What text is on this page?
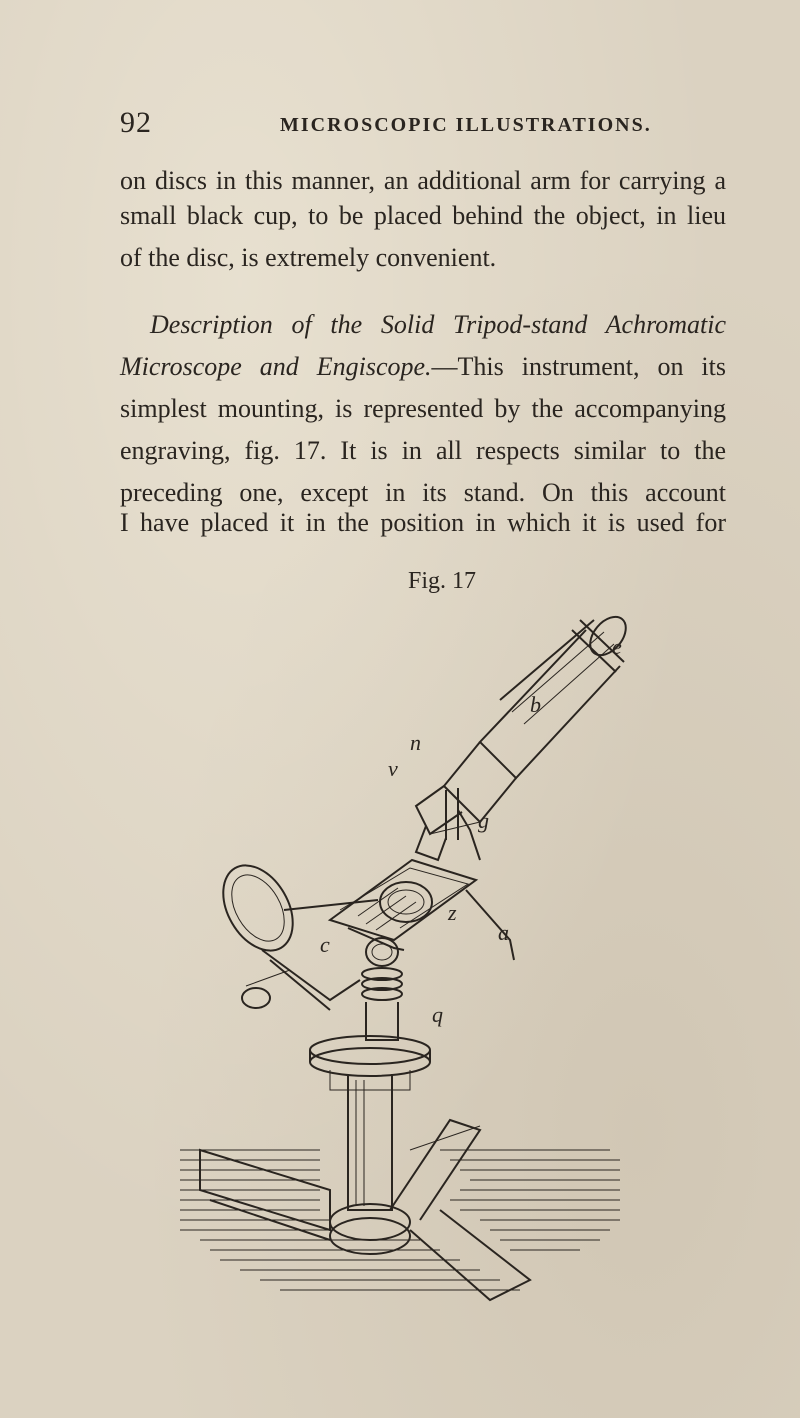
92	MICROSCOPIC ILLUSTRATIONS.
on discs in this manner, an additional arm for carrying a
small black cup, to be placed behind the object, in lieu
of the disc, is extremely convenient.
Description of the Solid Tripod-stand Achromatic
Microscope and Engiscope.—This instrument, on its
simplest mounting, is represented by the accompanying
engraving, fig. 17. It is in all respects similar to the
preceding one, except in its stand. On this account
I have placed it in the position in which it is used for
Fig. 17
e
b
n
v
g
z
a
c
q
